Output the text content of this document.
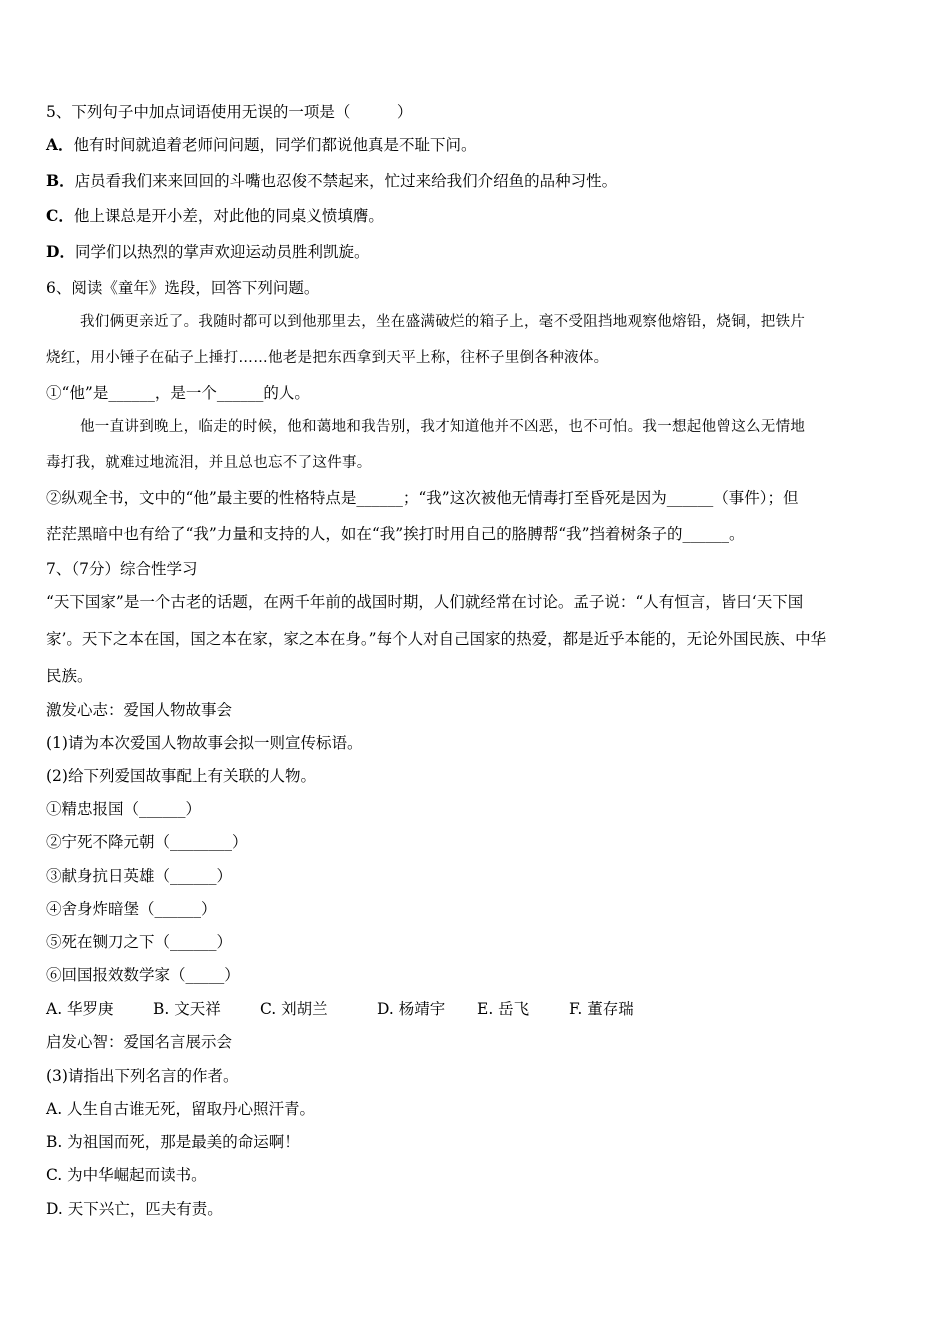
5、下列句子中加点词语使用无误的一项是（　　　）
A．他有时间就追着老师问问题，同学们都说他真是不耻下问。
B．店员看我们来来回回的斗嘴也忍俊不禁起来，忙过来给我们介绍鱼的品种习性。
C．他上课总是开小差，对此他的同桌义愤填膺。
D．同学们以热烈的掌声欢迎运动员胜利凯旋。
6、阅读《童年》选段，回答下列问题。
我们俩更亲近了。我随时都可以到他那里去，坐在盛满破烂的箱子上，毫不受阻挡地观察他熔铅，烧铜，把铁片
烧红，用小锤子在砧子上捶打……他老是把东西拿到天平上称，往杯子里倒各种液体。
①“他”是______，是一个______的人。
他一直讲到晚上，临走的时候，他和蔼地和我告别，我才知道他并不凶恶，也不可怕。我一想起他曾这么无情地
毒打我，就难过地流泪，并且总也忘不了这件事。
②纵观全书，文中的“他”最主要的性格特点是______；“我”这次被他无情毒打至昏死是因为______（事件）；但
茫茫黑暗中也有给了“我”力量和支持的人，如在“我”挨打时用自己的胳膊帮“我”挡着树条子的______。
7、（7分）综合性学习
“天下国家”是一个古老的话题，在两千年前的战国时期，人们就经常在讨论。孟子说：“人有恒言，皆曰‘天下国
家’。天下之本在国，国之本在家，家之本在身。”每个人对自己国家的热爱，都是近乎本能的，无论外国民族、中华
民族。
激发心志：爱国人物故事会
(1)请为本次爱国人物故事会拟一则宣传标语。
(2)给下列爱国故事配上有关联的人物。
①精忠报国（______）
②宁死不降元朝（________）
③献身抗日英雄（______）
④舍身炸暗堡（______）
⑤死在铡刀之下（______）
⑥回国报效数学家（_____）
A. 华罗庚	B. 文天祥	C. 刘胡兰	D. 杨靖宇 E. 岳飞	F. 董存瑞
启发心智：爱国名言展示会
(3)请指出下列名言的作者。
A. 人生自古谁无死，留取丹心照汗青。
B. 为祖国而死，那是最美的命运啊！
C. 为中华崛起而读书。
D. 天下兴亡，匹夫有责。
